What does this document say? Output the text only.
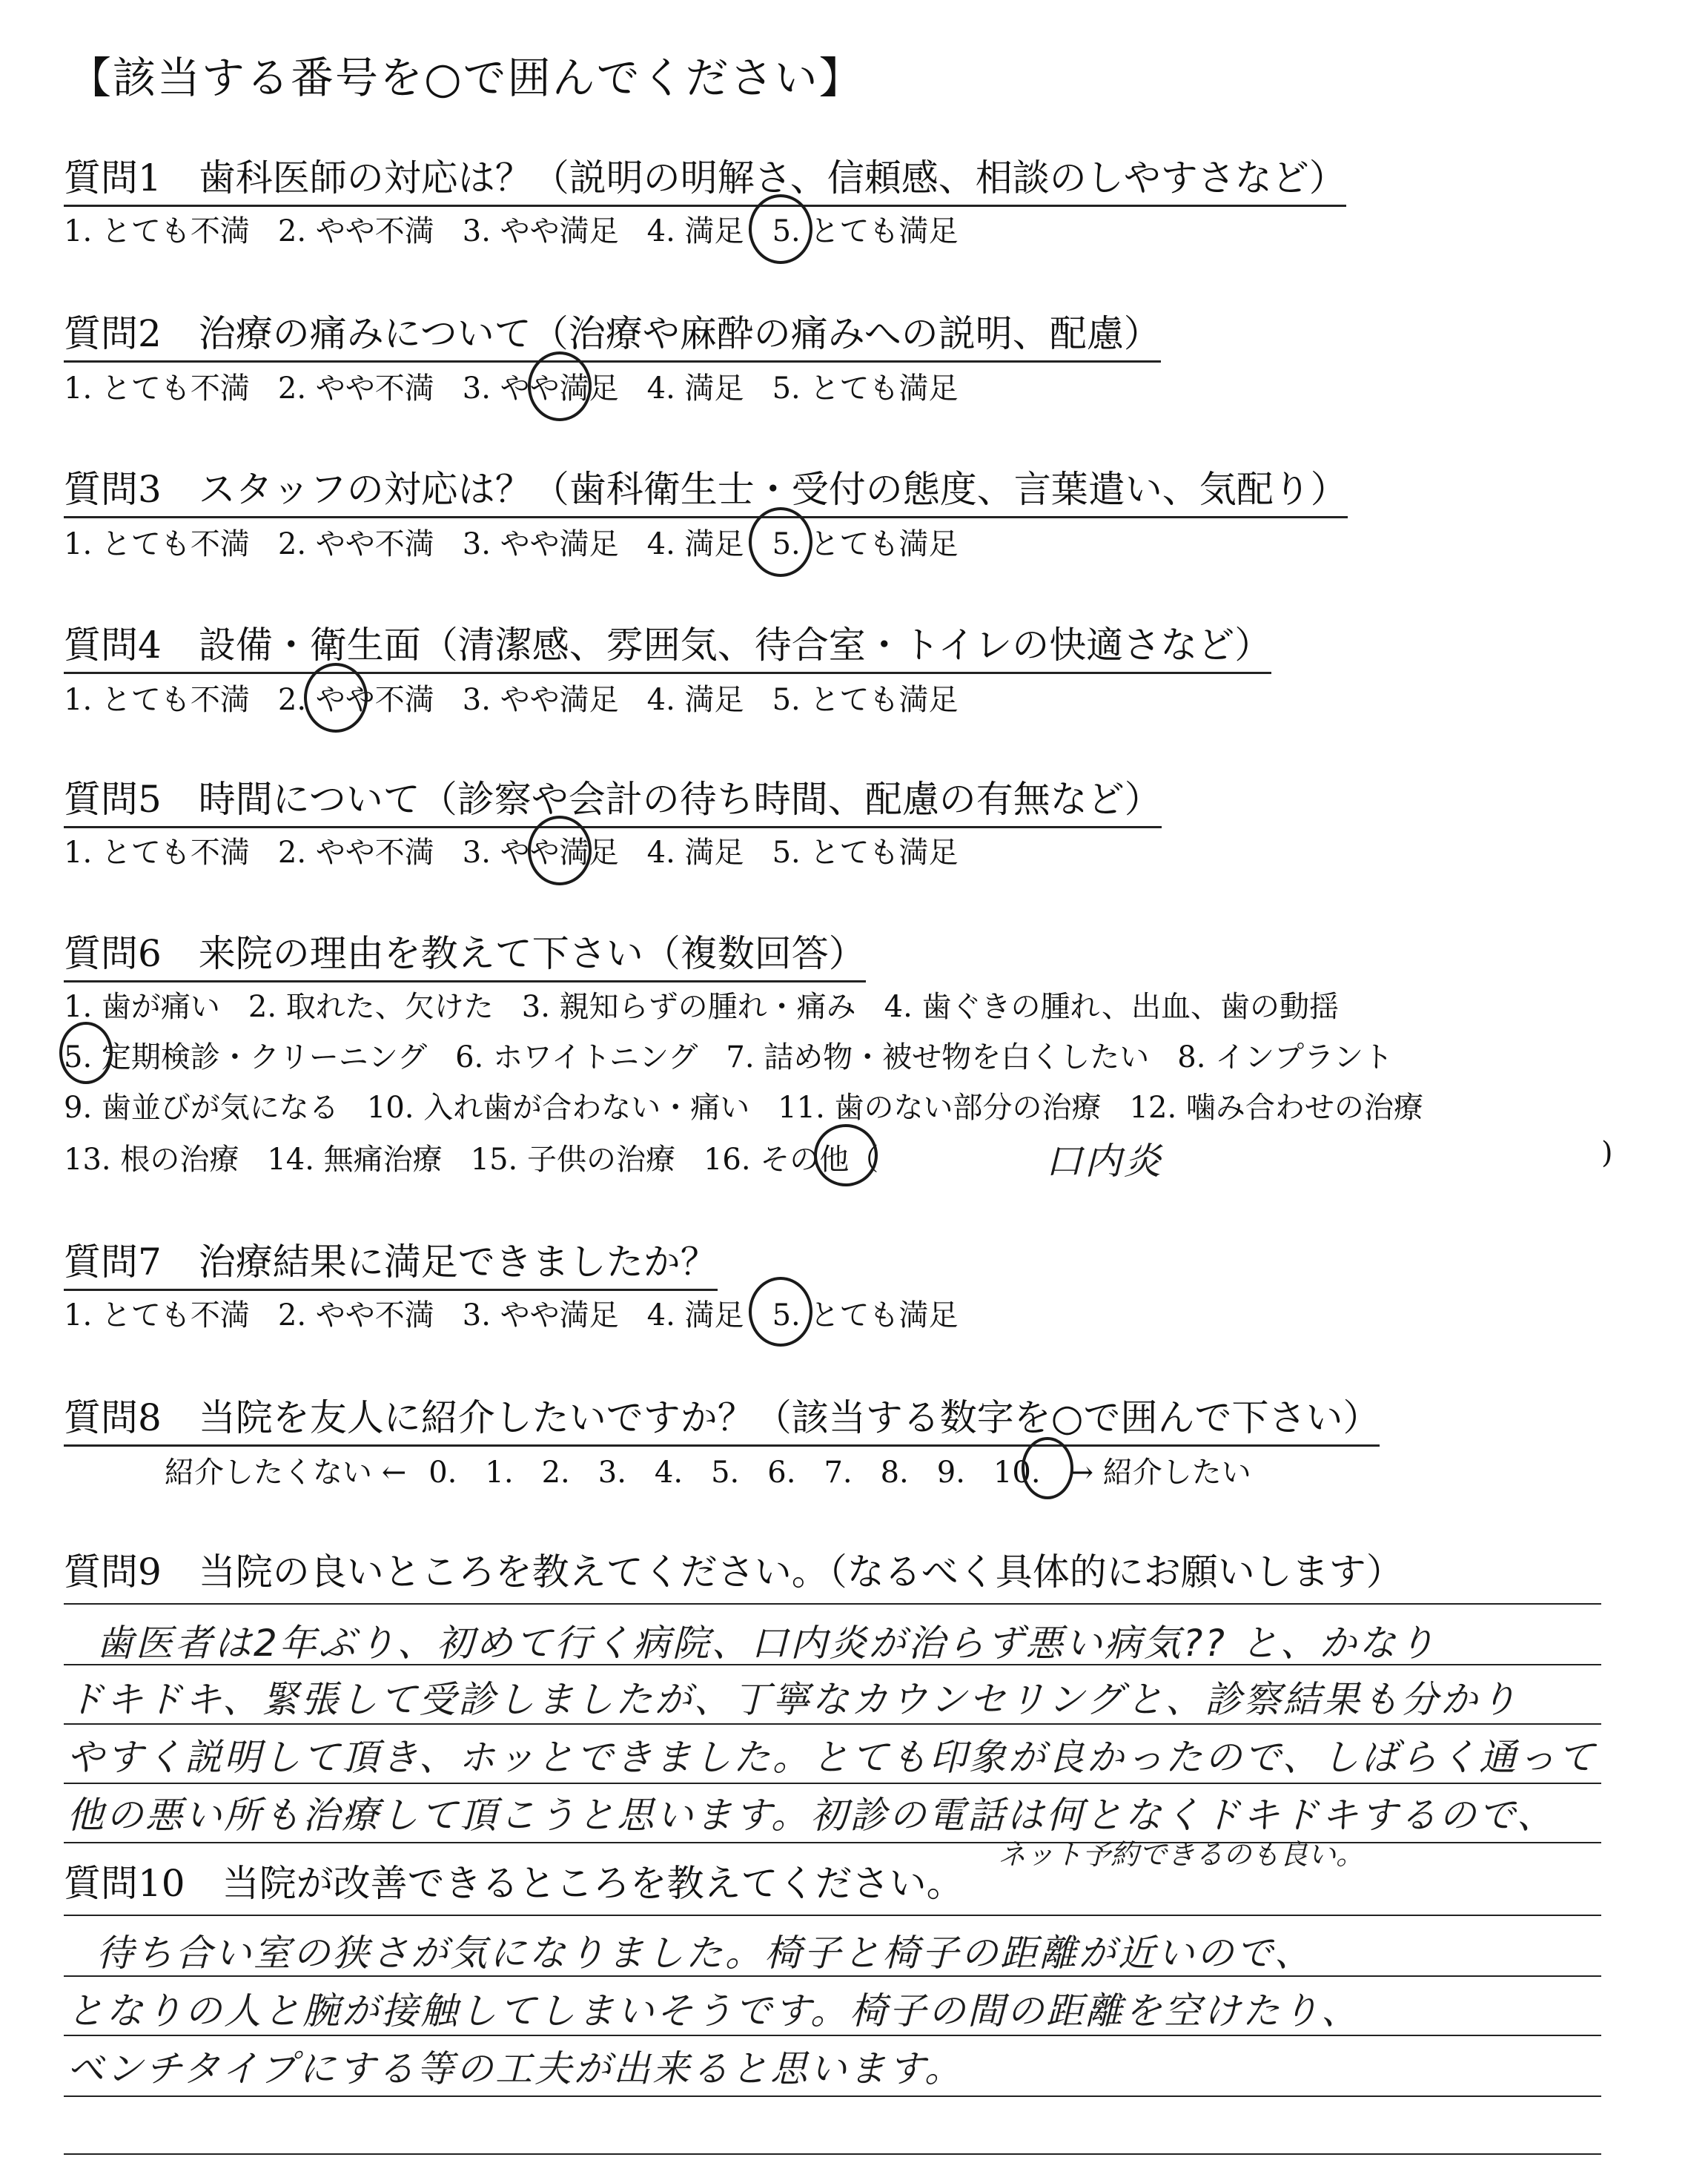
【該当する番号を○で囲んでください】
質問1　歯科医師の対応は？（説明の明解さ、信頼感、相談のしやすさなど）
1. とても不満 2. やや不満 3. やや満足 4. 満足 5. とても満足
質問2　治療の痛みについて（治療や麻酔の痛みへの説明、配慮）
1. とても不満 2. やや不満 3. やや満足 4. 満足 5. とても満足
質問3　スタッフの対応は？（歯科衛生士・受付の態度、言葉遣い、気配り）
1. とても不満 2. やや不満 3. やや満足 4. 満足 5. とても満足
質問4　設備・衛生面（清潔感、雰囲気、待合室・トイレの快適さなど）
1. とても不満 2. やや不満 3. やや満足 4. 満足 5. とても満足
質問5　時間について（診察や会計の待ち時間、配慮の有無など）
1. とても不満 2. やや不満 3. やや満足 4. 満足 5. とても満足
質問6　来院の理由を教えて下さい（複数回答）
1. 歯が痛い 2. 取れた、欠けた 3. 親知らずの腫れ・痛み 4. 歯ぐきの腫れ、出血、歯の動揺
5. 定期検診・クリーニング 6. ホワイトニング 7. 詰め物・被せ物を白くしたい 8. インプラント
9. 歯並びが気になる 10. 入れ歯が合わない・痛い 11. 歯のない部分の治療 12. 噛み合わせの治療
13. 根の治療 14. 無痛治療 15. 子供の治療 16. その他（	口内炎	)
質問7　治療結果に満足できましたか？
1. とても不満 2. やや不満 3. やや満足 4. 満足 5. とても満足
質問8　当院を友人に紹介したいですか？（該当する数字を○で囲んで下さい）
紹介したくない ← 0. 1. 2. 3. 4. 5. 6. 7. 8. 9. 10. → 紹介したい
質問9　当院の良いところを教えてください。（なるべく具体的にお願いします）
歯医者は2年ぶり、初めて行く病院、口内炎が治らず悪い病気?? と、かなり
ドキドキ、緊張して受診しましたが、丁寧なカウンセリングと、診察結果も分かり
やすく説明して頂き、ホッとできました。とても印象が良かったので、しばらく通って
他の悪い所も治療して頂こうと思います。初診の電話は何となくドキドキするので、
ネット予約できるのも良い。
質問10　当院が改善できるところを教えてください。
待ち合い室の狭さが気になりました。椅子と椅子の距離が近いので、
となりの人と腕が接触してしまいそうです。椅子の間の距離を空けたり、
ベンチタイプにする等の工夫が出来ると思います。
